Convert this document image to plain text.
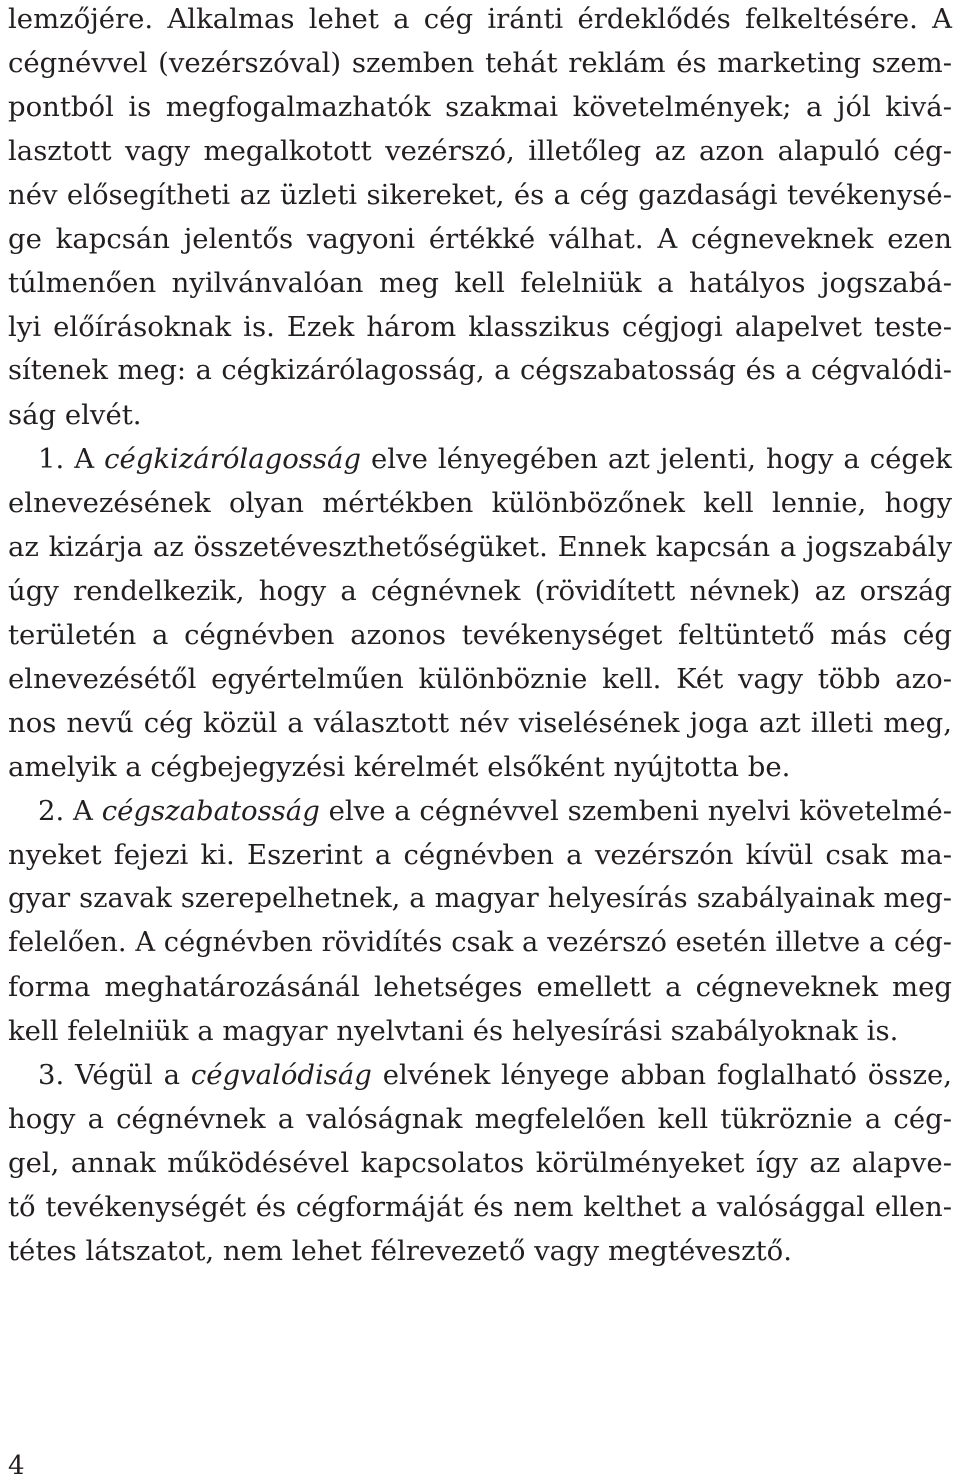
lemzőjére. Alkalmas lehet a cég iránti érdeklődés felkeltésére. A
cégnévvel (vezérszóval) szemben tehát reklám és marketing szem-
pontból is megfogalmazhatók szakmai követelmények; a jól kivá-
lasztott vagy megalkotott vezérszó, illetőleg az azon alapuló cég-
név elősegítheti az üzleti sikereket, és a cég gazdasági tevékenysé-
ge kapcsán jelentős vagyoni értékké válhat. A cégneveknek ezen
túlmenően nyilvánvalóan meg kell felelniük a hatályos jogszabá-
lyi előírásoknak is. Ezek három klasszikus cégjogi alapelvet teste-
sítenek meg: a cégkizárólagosság, a cégszabatosság és a cégvalódi-
ság elvét.
1. A cégkizárólagosság elve lényegében azt jelenti, hogy a cégek
elnevezésének olyan mértékben különbözőnek kell lennie, hogy
az kizárja az összetéveszthetőségüket. Ennek kapcsán a jogszabály
úgy rendelkezik, hogy a cégnévnek (rövidített névnek) az ország
területén a cégnévben azonos tevékenységet feltüntető más cég
elnevezésétől egyértelműen különböznie kell. Két vagy több azo-
nos nevű cég közül a választott név viselésének joga azt illeti meg,
amelyik a cégbejegyzési kérelmét elsőként nyújtotta be.
2. A cégszabatosság elve a cégnévvel szembeni nyelvi követelmé-
nyeket fejezi ki. Eszerint a cégnévben a vezérszón kívül csak ma-
gyar szavak szerepelhetnek, a magyar helyesírás szabályainak meg-
felelően. A cégnévben rövidítés csak a vezérszó esetén illetve a cég-
forma meghatározásánál lehetséges emellett a cégneveknek meg
kell felelniük a magyar nyelvtani és helyesírási szabályoknak is.
3. Végül a cégvalódiság elvének lényege abban foglalható össze,
hogy a cégnévnek a valóságnak megfelelően kell tükröznie a cég-
gel, annak működésével kapcsolatos körülményeket így az alapve-
tő tevékenységét és cégformáját és nem kelthet a valósággal ellen-
tétes látszatot, nem lehet félrevezető vagy megtévesztő.
4
